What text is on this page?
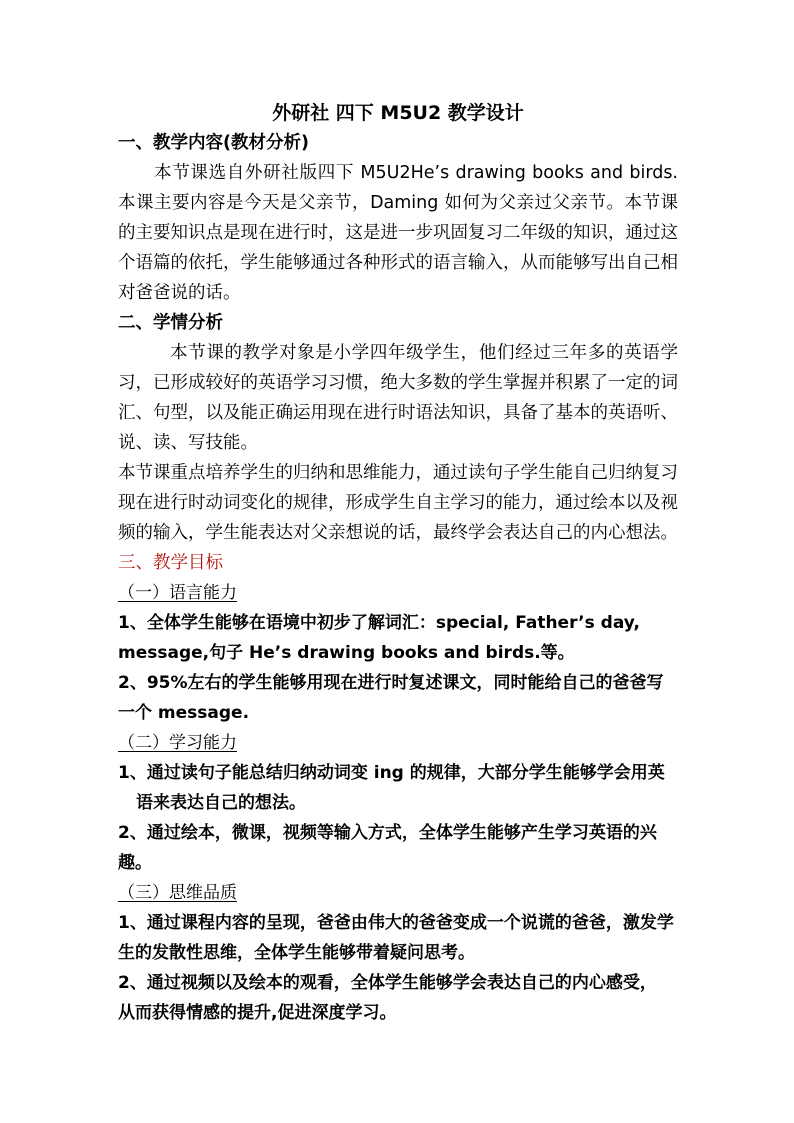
外研社 四下 M5U2 教学设计
一、教学内容(教材分析)

本节课选自外研社版四下 M5U2He’s drawing books and birds.本课主要内容是今天是父亲节，Daming 如何为父亲过父亲节。本节课的主要知识点是现在进行时，这是进一步巩固复习二年级的知识，通过这个语篇的依托，学生能够通过各种形式的语言输入，从而能够写出自己相对爸爸说的话。

二、学情分析

本节课的教学对象是小学四年级学生，他们经过三年多的英语学习，已形成较好的英语学习习惯，绝大多数的学生掌握并积累了一定的词汇、句型，以及能正确运用现在进行时语法知识，具备了基本的英语听、说、读、写技能。

本节课重点培养学生的归纳和思维能力，通过读句子学生能自己归纳复习现在进行时动词变化的规律，形成学生自主学习的能力，通过绘本以及视频的输入，学生能表达对父亲想说的话，最终学会表达自己的内心想法。

三、教学目标
（一）语言能力

1、全体学生能够在语境中初步了解词汇：special, Father’s day, message,句子 He’s drawing books and birds.等。

2、95%左右的学生能够用现在进行时复述课文，同时能给自己的爸爸写一个 message.

（二）学习能力

1、通过读句子能总结归纳动词变 ing 的规律，大部分学生能够学会用英语来表达自己的想法。

2、通过绘本，微课，视频等输入方式，全体学生能够产生学习英语的兴趣。

（三）思维品质

1、通过课程内容的呈现，爸爸由伟大的爸爸变成一个说谎的爸爸，激发学生的发散性思维，全体学生能够带着疑问思考。

2、通过视频以及绘本的观看，全体学生能够学会表达自己的内心感受， 从而获得情感的提升,促进深度学习。
